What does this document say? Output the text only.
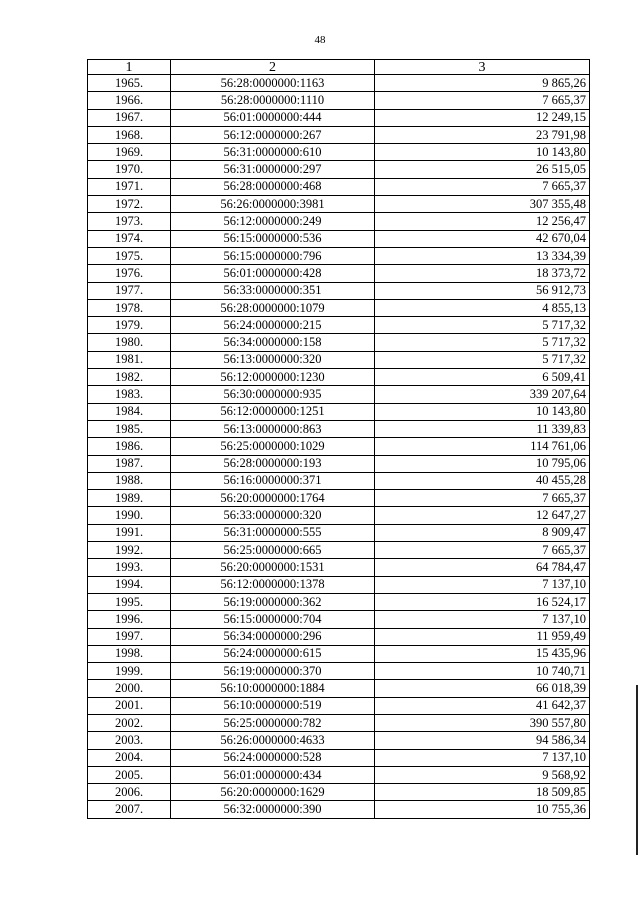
48
1	2	3
1965.	56:28:0000000:1163	9 865,26
1966.	56:28:0000000:1110	7 665,37
1967.	56:01:0000000:444	12 249,15
1968.	56:12:0000000:267	23 791,98
1969.	56:31:0000000:610	10 143,80
1970.	56:31:0000000:297	26 515,05
1971.	56:28:0000000:468	7 665,37
1972.	56:26:0000000:3981	307 355,48
1973.	56:12:0000000:249	12 256,47
1974.	56:15:0000000:536	42 670,04
1975.	56:15:0000000:796	13 334,39
1976.	56:01:0000000:428	18 373,72
1977.	56:33:0000000:351	56 912,73
1978.	56:28:0000000:1079	4 855,13
1979.	56:24:0000000:215	5 717,32
1980.	56:34:0000000:158	5 717,32
1981.	56:13:0000000:320	5 717,32
1982.	56:12:0000000:1230	6 509,41
1983.	56:30:0000000:935	339 207,64
1984.	56:12:0000000:1251	10 143,80
1985.	56:13:0000000:863	11 339,83
1986.	56:25:0000000:1029	114 761,06
1987.	56:28:0000000:193	10 795,06
1988.	56:16:0000000:371	40 455,28
1989.	56:20:0000000:1764	7 665,37
1990.	56:33:0000000:320	12 647,27
1991.	56:31:0000000:555	8 909,47
1992.	56:25:0000000:665	7 665,37
1993.	56:20:0000000:1531	64 784,47
1994.	56:12:0000000:1378	7 137,10
1995.	56:19:0000000:362	16 524,17
1996.	56:15:0000000:704	7 137,10
1997.	56:34:0000000:296	11 959,49
1998.	56:24:0000000:615	15 435,96
1999.	56:19:0000000:370	10 740,71
2000.	56:10:0000000:1884	66 018,39
2001.	56:10:0000000:519	41 642,37
2002.	56:25:0000000:782	390 557,80
2003.	56:26:0000000:4633	94 586,34
2004.	56:24:0000000:528	7 137,10
2005.	56:01:0000000:434	9 568,92
2006.	56:20:0000000:1629	18 509,85
2007.	56:32:0000000:390	10 755,36
